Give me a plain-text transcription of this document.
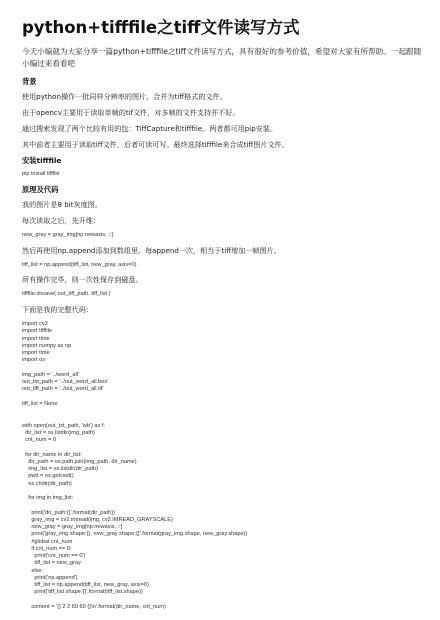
python+tifffile之tiff文件读写方式
今天小编就为大家分享一篇python+tifffile之tiff文件读写方式，具有很好的参考价值，希望对大家有所帮助。一起跟随小编过来看看吧
背景
使用python操作一批同样分辨率的图片，合并为tiff格式的文件。
由于opencv主要用于读取单帧的tif文件，对多帧的文件支持并不好。
通过搜索发现了两个比较有用的包：TiffCapture和tifffile。两者都可用pip安装。
其中前者主要用于读取tiff文件，后者可读可写。最终选择tifffile来合成tiff图片文件。
安装tifffile
pip install tifffile
原理及代码
我的图片是8 bit灰度图。
每次读取之后，先升维：
new_gray = gray_img[np.newaxis, ::]
然后再使用np.append添加到数组里。每append一次，相当于tiff增加一帧图片。
tiff_list = np.append(tiff_list, new_gray, axis=0)
所有操作完毕，则一次性保存到磁盘。
tifffile.imsave( out_tiff_path, tiff_list )
下面是我的完整代码：
import cv2
import tifffile
import time
import numpy as np
import time
import os

img_path = '../word_all'
out_txt_path = '../out_word_all.box'
out_tiff_path = '../out_word_all.tif'

tiff_list = None

with open(out_txt_path, 'wb') as f:
dir_list = os.listdir(img_path)
cnt_num = 0

for dir_name in dir_list:
dir_path = os.path.join(img_path, dir_name)
img_list = os.listdir(dir_path)
pwd = os.getcwd()
os.chdir(dir_path)

for img in img_list:

print('dir_path:{}'.format(dir_path))
gray_img = cv2.imread(img, cv2.IMREAD_GRAYSCALE)
new_gray = gray_img[np.newaxis, ::]
print('gray_img shape:{}, new_gray shape:{}'.format(gray_img.shape, new_gray.shape))
#global cnt_num
if cnt_num == 0:
print('cnt_num == 0')
tiff_list = new_gray
else:
print('np.append')
tiff_list = np.append(tiff_list, new_gray, axis=0)
print('tiff_list shape:{}'.format(tiff_list.shape))

content = '{} 2 2 60 60 {}\n'.format(dir_name, cnt_num)
